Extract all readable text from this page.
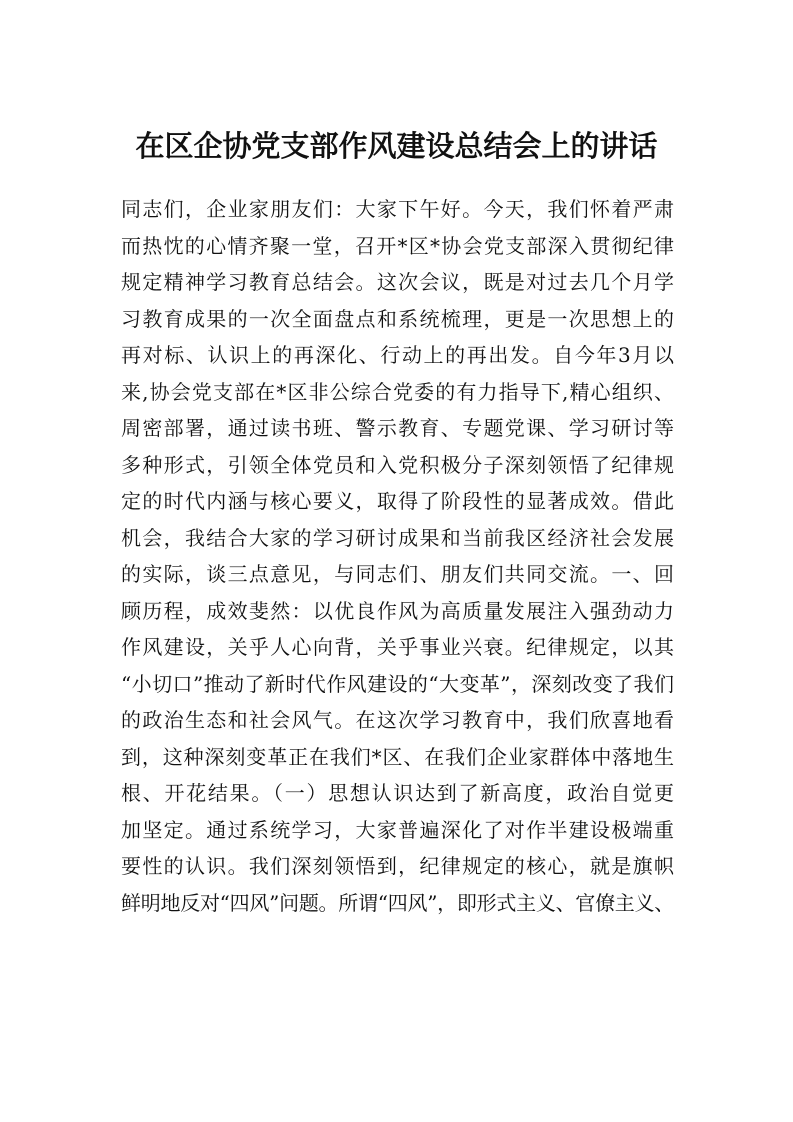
在区企协党支部作风建设总结会上的讲话
同志们，企业家朋友们：大家下午好。今天，我们怀着严肃
而热忱的心情齐聚一堂，召开*区*协会党支部深入贯彻纪律
规定精神学习教育总结会。这次会议，既是对过去几个月学
习教育成果的一次全面盘点和系统梳理，更是一次思想上的
再对标、认识上的再深化、行动上的再出发。自今年3月以
来,协会党支部在*区非公综合党委的有力指导下,精心组织、
周密部署，通过读书班、警示教育、专题党课、学习研讨等
多种形式，引领全体党员和入党积极分子深刻领悟了纪律规
定的时代内涵与核心要义，取得了阶段性的显著成效。借此
机会，我结合大家的学习研讨成果和当前我区经济社会发展
的实际，谈三点意见，与同志们、朋友们共同交流。一、回
顾历程，成效斐然：以优良作风为高质量发展注入强劲动力
作风建设，关乎人心向背，关乎事业兴衰。纪律规定，以其
“小切口”推动了新时代作风建设的“大变革”，深刻改变了我们
的政治生态和社会风气。在这次学习教育中，我们欣喜地看
到，这种深刻变革正在我们*区、在我们企业家群体中落地生
根、开花结果。（一）思想认识达到了新高度，政治自觉更
加坚定。通过系统学习，大家普遍深化了对作半建设极端重
要性的认识。我们深刻领悟到，纪律规定的核心，就是旗帜
鲜明地反对“四风”问题。所谓“四风”，即形式主义、官僚主义、
